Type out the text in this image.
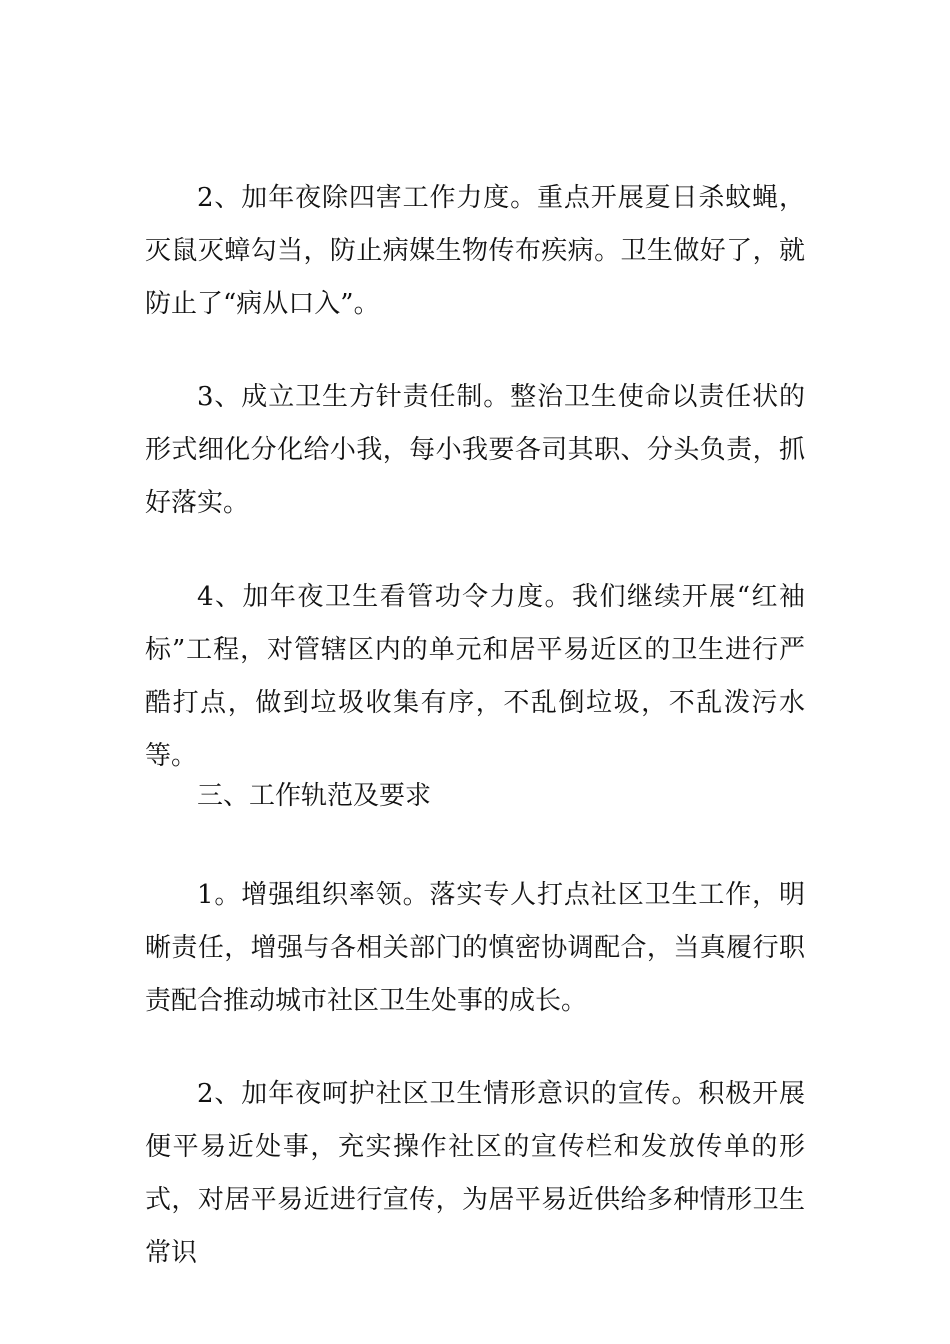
2、加年夜除四害工作力度。重点开展夏日杀蚊蝇，灭鼠灭蟑勾当，防止病媒生物传布疾病。卫生做好了，就防止了“病从口入”。

3、成立卫生方针责任制。整治卫生使命以责任状的形式细化分化给小我，每小我要各司其职、分头负责，抓好落实。

4、加年夜卫生看管功令力度。我们继续开展“红袖标”工程，对管辖区内的单元和居平易近区的卫生进行严酷打点，做到垃圾收集有序，不乱倒垃圾，不乱泼污水等。

三、工作轨范及要求

1。增强组织率领。落实专人打点社区卫生工作，明晰责任，增强与各相关部门的慎密协调配合，当真履行职责配合推动城市社区卫生处事的成长。

2、加年夜呵护社区卫生情形意识的宣传。积极开展便平易近处事，充实操作社区的宣传栏和发放传单的形式，对居平易近进行宣传，为居平易近供给多种情形卫生常识
